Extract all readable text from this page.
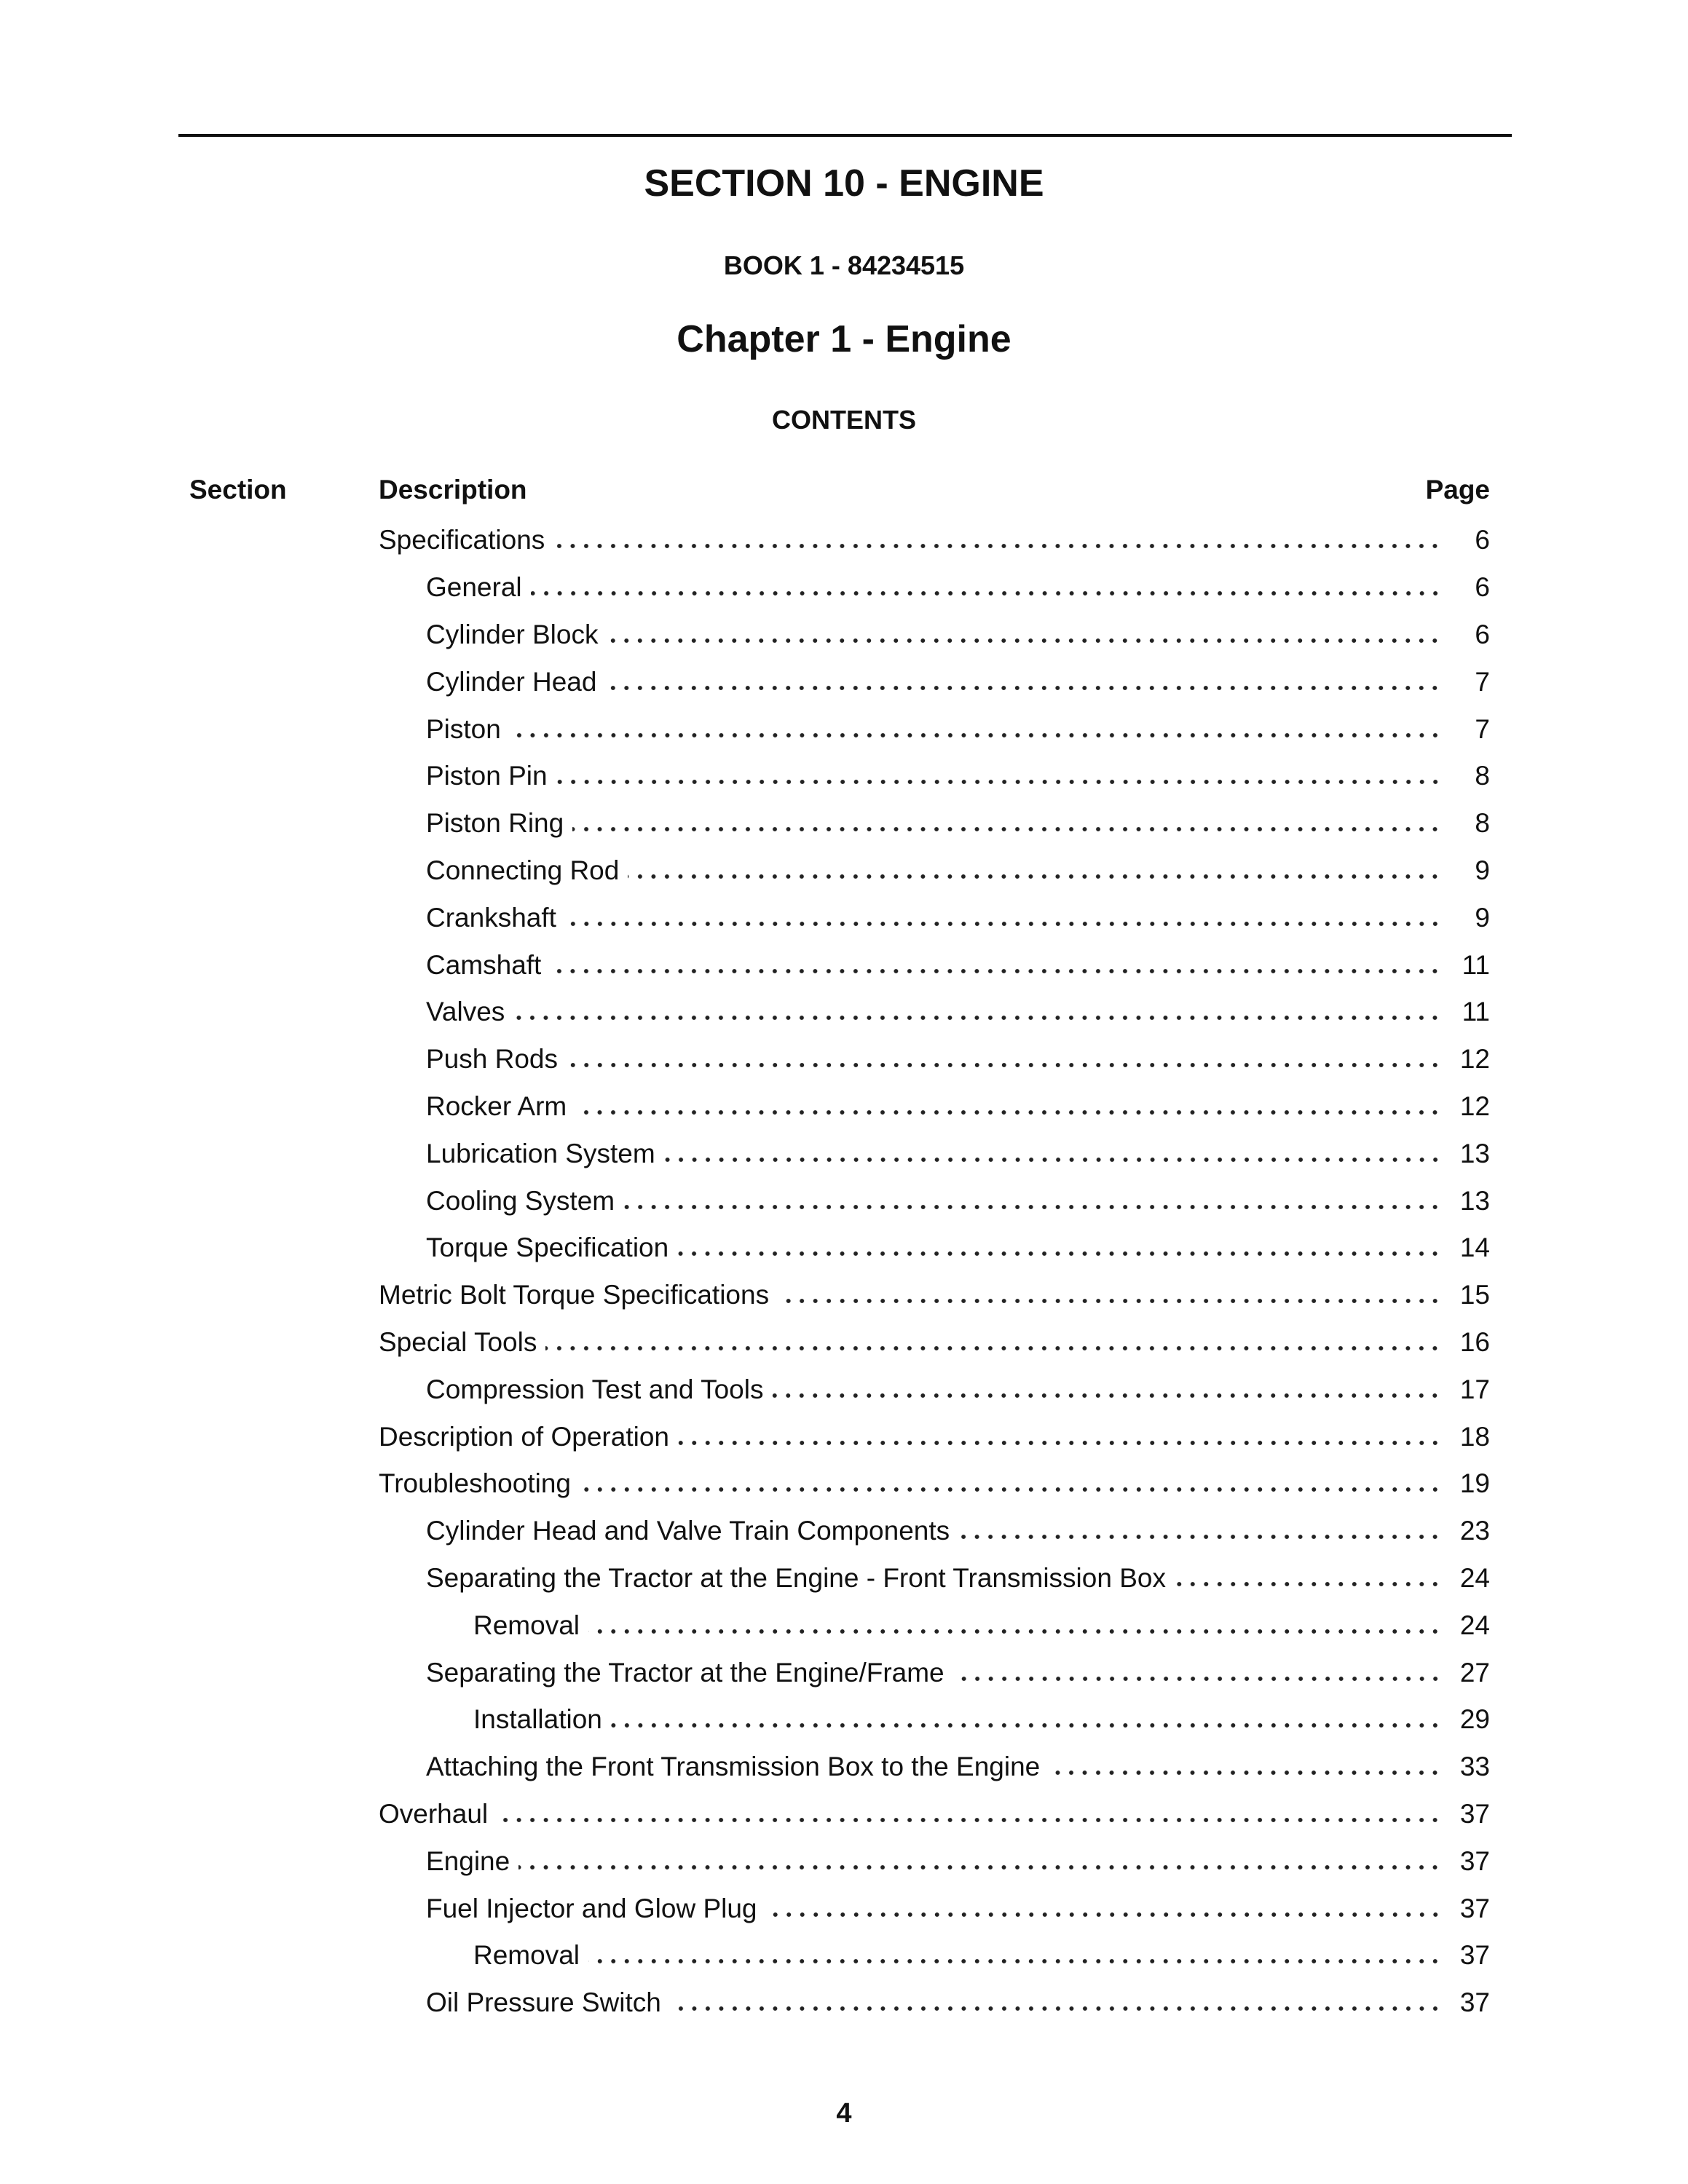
SECTION 10 - ENGINE
BOOK 1 - 84234515
Chapter 1 - Engine
CONTENTS
Section	Description	Page
Specifications	6
General	6
Cylinder Block	6
Cylinder Head	7
Piston	7
Piston Pin	8
Piston Ring	8
Connecting Rod	9
Crankshaft	9
Camshaft	11
Valves	11
Push Rods	12
Rocker Arm	12
Lubrication System	13
Cooling System	13
Torque Specification	14
Metric Bolt Torque Specifications	15
Special Tools	16
Compression Test and Tools	17
Description of Operation	18
Troubleshooting	19
Cylinder Head and Valve Train Components	23
Separating the Tractor at the Engine - Front Transmission Box	24
Removal	24
Separating the Tractor at the Engine/Frame	27
Installation	29
Attaching the Front Transmission Box to the Engine	33
Overhaul	37
Engine	37
Fuel Injector and Glow Plug	37
Removal	37
Oil Pressure Switch	37
4
